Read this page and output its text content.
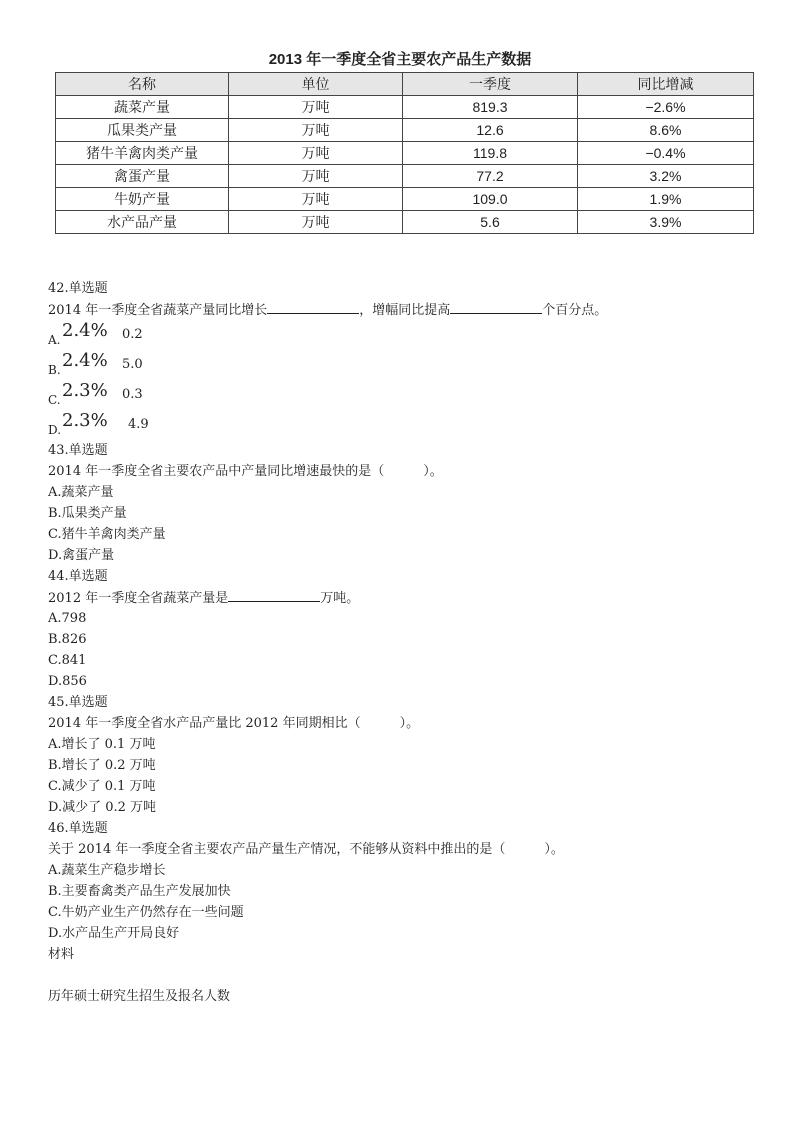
2013 年一季度全省主要农产品生产数据
名称	单位	一季度	同比增减
蔬菜产量	万吨	819.3	−2.6%
瓜果类产量	万吨	12.6	8.6%
猪牛羊禽肉类产量	万吨	119.8	−0.4%
禽蛋产量	万吨	77.2	3.2%
牛奶产量	万吨	109.0	1.9%
水产品产量	万吨	5.6	3.9%
42.单选题
2014 年一季度全省蔬菜产量同比增长	，增幅同比提高	个百分点。
A. 2.4% 0.2
B. 2.4% 5.0
C. 2.3% 0.3
D. 2.3% 4.9
43.单选题
2014 年一季度全省主要农产品中产量同比增速最快的是（　　　）。
A.蔬菜产量
B.瓜果类产量
C.猪牛羊禽肉类产量
D.禽蛋产量
44.单选题
2012 年一季度全省蔬菜产量是	万吨。
A.798
B.826
C.841
D.856
45.单选题
2014 年一季度全省水产品产量比 2012 年同期相比（　　　）。
A.增长了 0.1 万吨
B.增长了 0.2 万吨
C.减少了 0.1 万吨
D.减少了 0.2 万吨
46.单选题
关于 2014 年一季度全省主要农产品产量生产情况，不能够从资料中推出的是（　　　）。
A.蔬菜生产稳步增长
B.主要畜禽类产品生产发展加快
C.牛奶产业生产仍然存在一些问题
D.水产品生产开局良好
材料
历年硕士研究生招生及报名人数
